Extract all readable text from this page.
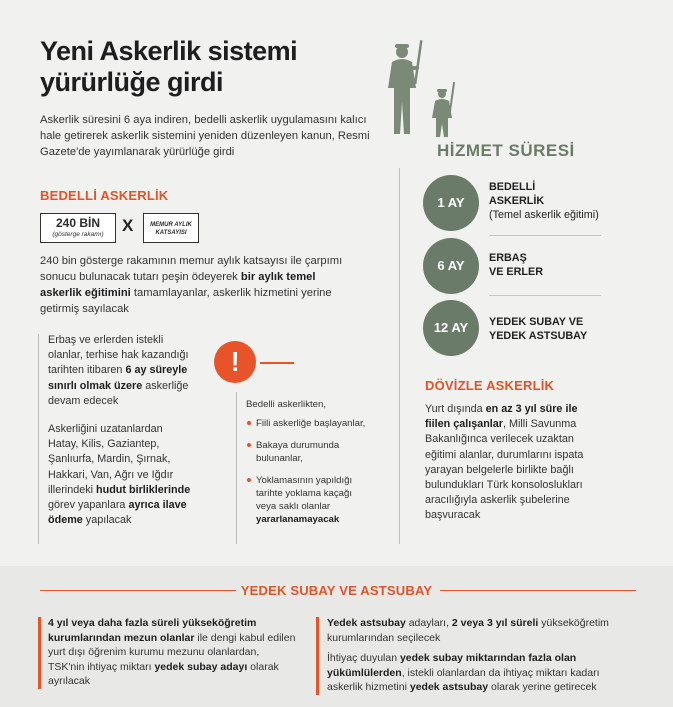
Yeni Askerlik sistemi
yürürlüğe girdi
Askerlik süresini 6 aya indiren, bedelli askerlik uygulamasını kalıcı hale getirerek askerlik sistemini yeniden düzenleyen kanun, Resmi Gazete'de yayımlanarak yürürlüğe girdi
BEDELLİ ASKERLİK
240 BİN
(gösterge rakamı)	X	MEMUR AYLIK KATSAYISI
240 bin gösterge rakamının memur aylık katsayısı ile çarpımı sonucu bulunacak tutarı peşin ödeyerek bir aylık temel askerlik eğitimini tamamlayanlar, askerlik hizmetini yerine getirmiş sayılacak

Erbaş ve erlerden istekli olanlar, terhise hak kazandığı tarihten itibaren 6 ay süreyle sınırlı olmak üzere askerliğe devam edecek

Askerliğini uzatanlardan Hatay, Kilis, Gaziantep, Şanlıurfa, Mardin, Şırnak, Hakkari, Van, Ağrı ve Iğdır illerindeki hudut birliklerinde görev yapanlara ayrıca ilave ödeme yapılacak

!
Bedelli askerlikten,
Fiili askerliğe başlayanlar,
Bakaya durumunda bulunanlar,
Yoklamasının yapıldığı tarihte yoklama kaçağı veya saklı olanlar yararlanamayacak
HİZMET SÜRESİ
1 AY
BEDELLİ
ASKERLİK
(Temel askerlik eğitimi)
6 AY	ERBAŞ
VE ERLER
12 AY	YEDEK SUBAY VE
YEDEK ASTSUBAY
DÖVİZLE ASKERLİK
Yurt dışında en az 3 yıl süre ile fiilen çalışanlar, Milli Savunma Bakanlığınca verilecek uzaktan eğitimi alanlar, durumlarını ispata yarayan belgelerle birlikte bağlı bulundukları Türk konsoloslukları aracılığıyla askerlik şubelerine başvuracak
YEDEK SUBAY VE ASTSUBAY
4 yıl veya daha fazla süreli yükseköğretim kurumlarından mezun olanlar ile dengi kabul edilen yurt dışı öğrenim kurumu mezunu olanlardan, TSK'nin ihtiyaç miktarı yedek subay adayı olarak ayrılacak

Yedek astsubay adayları, 2 veya 3 yıl süreli yükseköğretim kurumlarından seçilecek

İhtiyaç duyulan yedek subay miktarından fazla olan yükümlülerden, istekli olanlardan da ihtiyaç miktarı kadarı askerlik hizmetini yedek astsubay olarak yerine getirecek
